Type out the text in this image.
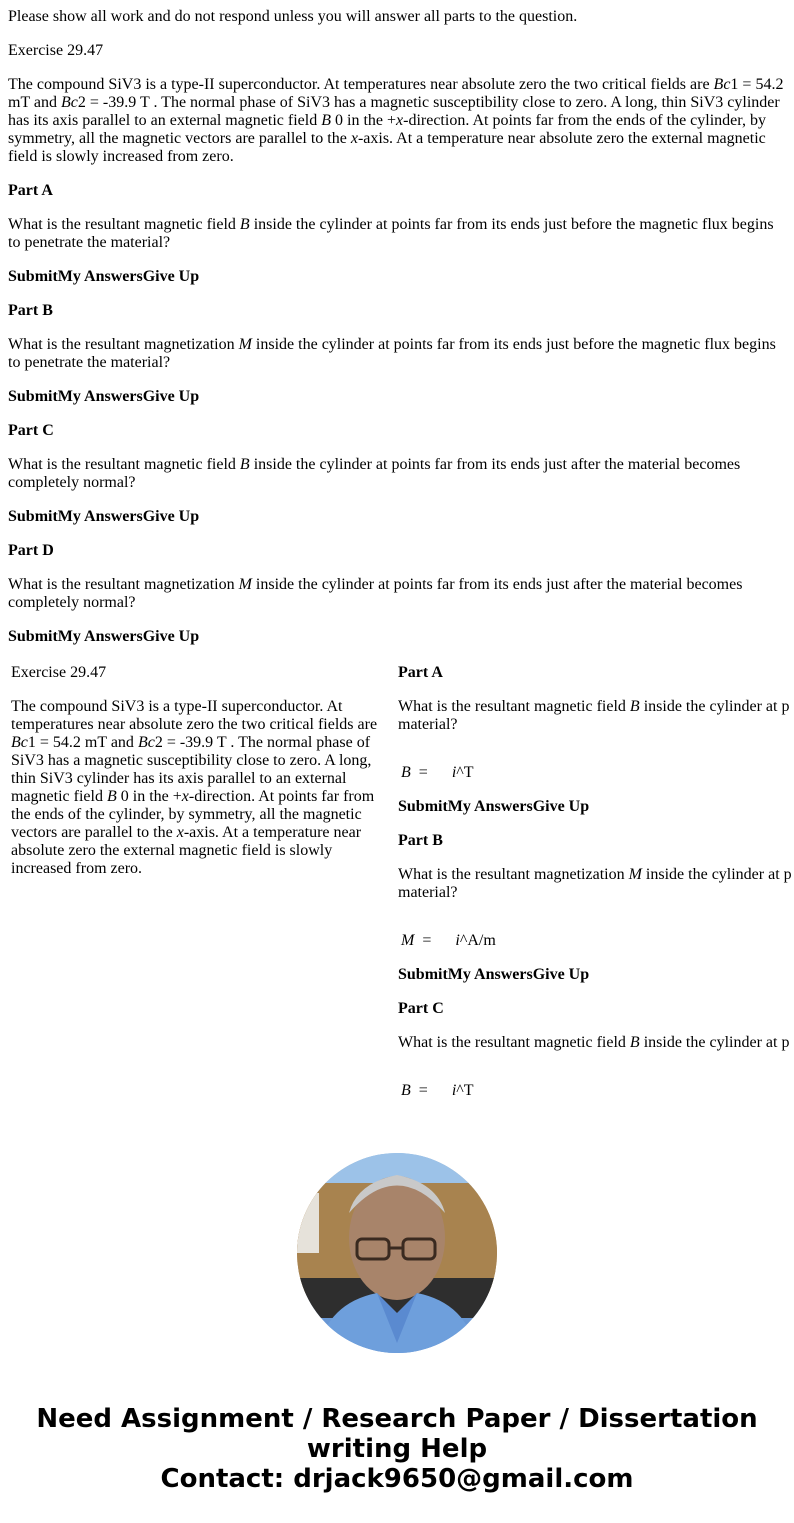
Please show all work and do not respond unless you will answer all parts to the question.

Exercise 29.47

The compound SiV3 is a type-II superconductor. At temperatures near absolute zero the two critical fields are Bc1 = 54.2 mT and Bc2 = -39.9 T . The normal phase of SiV3 has a magnetic susceptibility close to zero. A long, thin SiV3 cylinder has its axis parallel to an external magnetic field B 0 in the +x-direction. At points far from the ends of the cylinder, by symmetry, all the magnetic vectors are parallel to the x-axis. At a temperature near absolute zero the external magnetic field is slowly increased from zero.

Part A

What is the resultant magnetic field B inside the cylinder at points far from its ends just before the magnetic flux begins to penetrate the material?

SubmitMy AnswersGive Up

Part B

What is the resultant magnetization M inside the cylinder at points far from its ends just before the magnetic flux begins to penetrate the material?

SubmitMy AnswersGive Up

Part C

What is the resultant magnetic field B inside the cylinder at points far from its ends just after the material becomes completely normal?

SubmitMy AnswersGive Up

Part D

What is the resultant magnetization M inside the cylinder at points far from its ends just after the material becomes completely normal?

SubmitMy AnswersGive Up

Exercise 29.47
The compound SiV3 is a type-II superconductor. At temperatures near absolute zero the two critical fields are Bc1 = 54.2 mT and Bc2 = -39.9 T . The normal phase of SiV3 has a magnetic susceptibility close to zero. A long, thin SiV3 cylinder has its axis parallel to an external magnetic field B 0 in the +x-direction. At points far from the ends of the cylinder, by symmetry, all the magnetic vectors are parallel to the x-axis. At a temperature near absolute zero the external magnetic field is slowly increased from zero.
Part A
What is the resultant magnetic field B inside the cylinder at p
material?
B = i ^T
SubmitMy AnswersGive Up
Part B
What is the resultant magnetization M inside the cylinder at p
material?
M = i ^A/m
SubmitMy AnswersGive Up
Part C
What is the resultant magnetic field B inside the cylinder at p
B = i ^T
Need Assignment / Research Paper / Dissertation
writing Help
Contact: drjack9650@gmail.com
